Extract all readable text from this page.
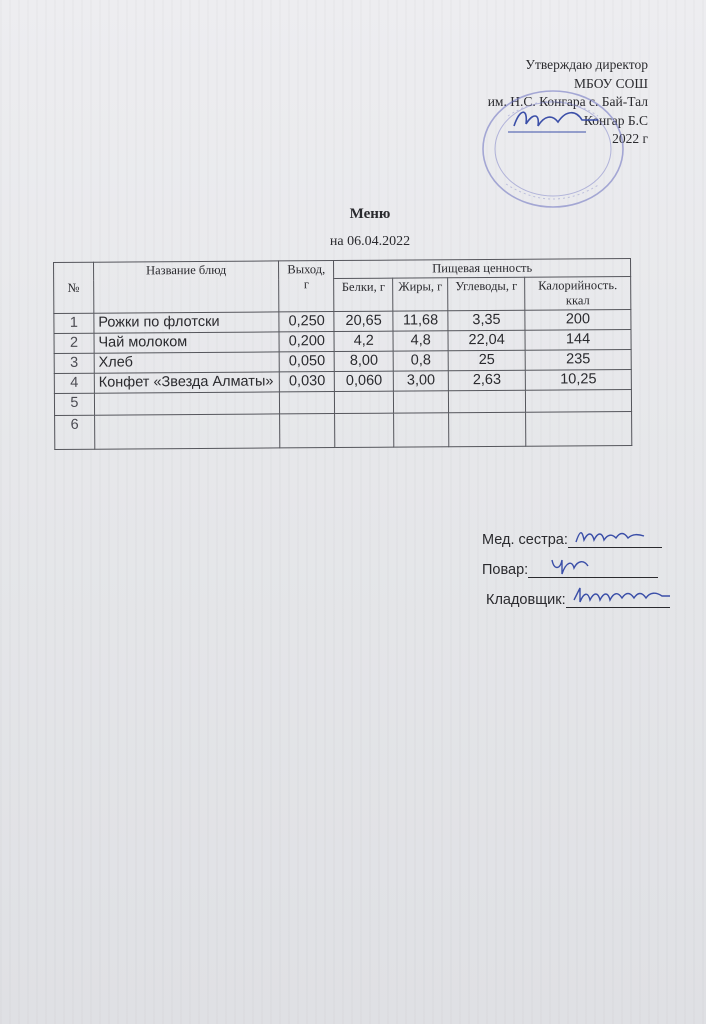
Утверждаю директор
МБОУ СОШ
им. Н.С. Конгара с. Бай-Тал
Конгар Б.С
2022 г
Меню
на 06.04.2022
№	Название блюд	Выход, г	Пищевая ценность			
			Белки, г	Жиры, г	Углеводы, г	Калорийность. ккал
1	Рожки по флотски	0,250	20,65	11,68	3,35	200
2	Чай молоком	0,200	4,2	4,8	22,04	144
3	Хлеб	0,050	8,00	0,8	25	235
4	Конфет «Звезда Алматы»	0,030	0,060	3,00	2,63	10,25
5						
6						
Мед. сестра:
Повар:
Кладовщик:
